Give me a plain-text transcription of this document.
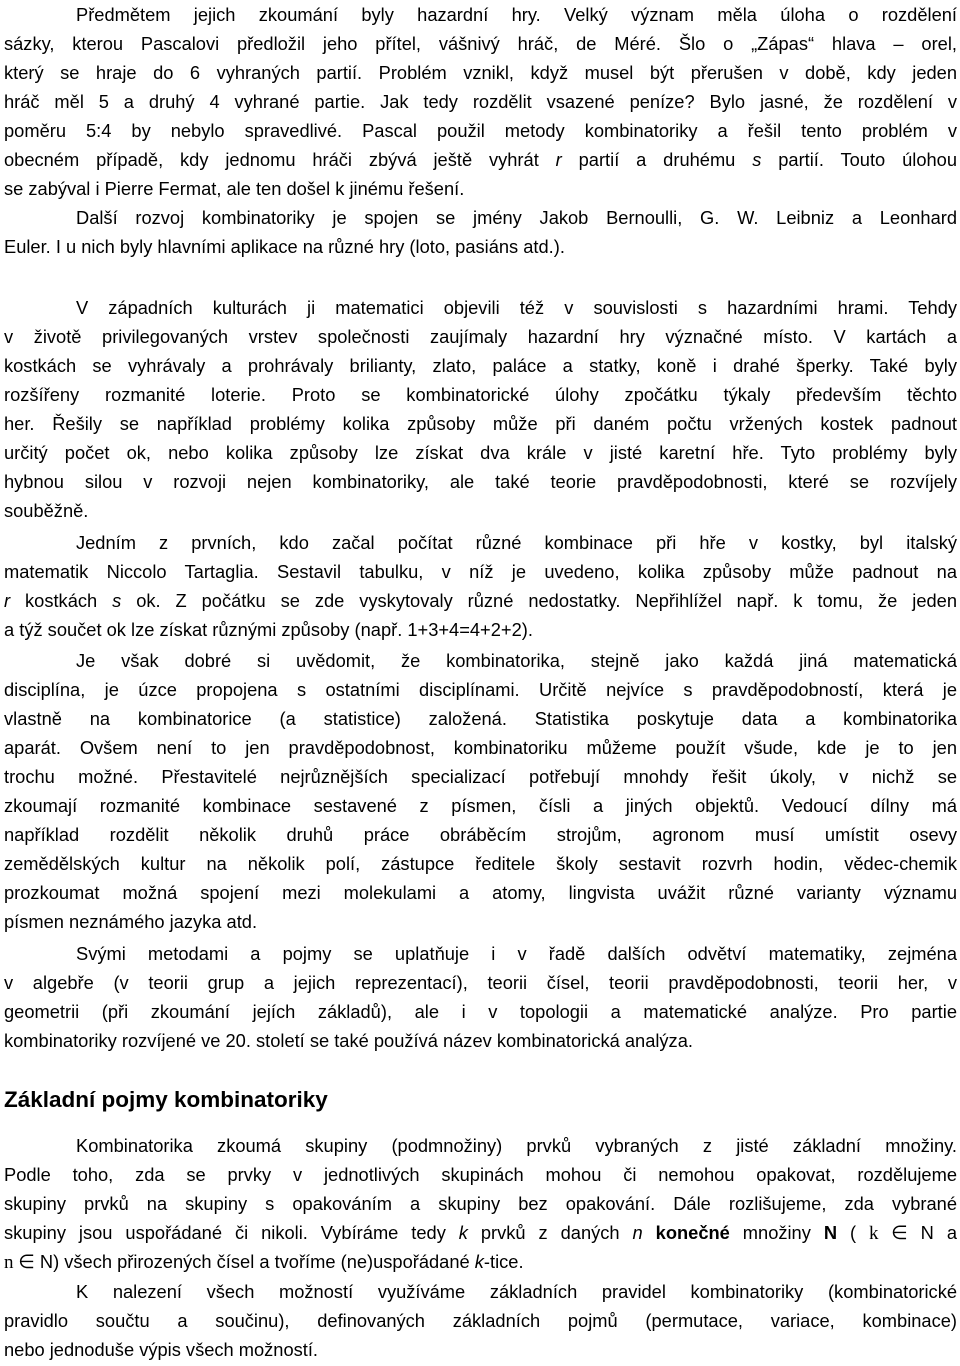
Předmětem jejich zkoumání byly hazardní hry. Velký význam měla úloha o rozdělení
sázky, kterou Pascalovi předložil jeho přítel, vášnivý hráč, de Méré. Šlo o „Zápas“ hlava – orel,
který se hraje do 6 vyhraných partií. Problém vznikl, když musel být přerušen v době, kdy jeden
hráč měl 5 a druhý 4 vyhrané partie. Jak tedy rozdělit vsazené peníze? Bylo jasné, že rozdělení v
poměru 5:4 by nebylo spravedlivé. Pascal použil metody kombinatoriky a řešil tento problém v
obecném případě, kdy jednomu hráči zbývá ještě vyhrát r partií a druhému s partií. Touto úlohou
se zabýval i Pierre Fermat, ale ten došel k jinému řešení.
Další rozvoj kombinatoriky je spojen se jmény Jakob Bernoulli, G. W. Leibniz a Leonhard
Euler. I u nich byly hlavními aplikace na různé hry (loto, pasiáns atd.).
V západních kulturách ji matematici objevili též v souvislosti s hazardními hrami. Tehdy
v životě privilegovaných vrstev společnosti zaujímaly hazardní hry význačné místo. V kartách a
kostkách se vyhrávaly a prohrávaly brilianty, zlato, paláce a statky, koně i drahé šperky. Také byly
rozšířeny rozmanité loterie. Proto se kombinatorické úlohy zpočátku týkaly především těchto
her. Řešily se například problémy kolika způsoby může při daném počtu vržených kostek padnout
určitý počet ok, nebo kolika způsoby lze získat dva krále v jisté karetní hře. Tyto problémy byly
hybnou silou v rozvoji nejen kombinatoriky, ale také teorie pravděpodobnosti, které se rozvíjely
souběžně.
Jedním z prvních, kdo začal počítat různé kombinace při hře v kostky, byl italský
matematik Niccolo Tartaglia. Sestavil tabulku, v níž je uvedeno, kolika způsoby může padnout na
r kostkách s ok. Z počátku se zde vyskytovaly různé nedostatky. Nepřihlížel např. k tomu, že jeden
a týž součet ok lze získat různými způsoby (např. 1+3+4=4+2+2).
Je však dobré si uvědomit, že kombinatorika, stejně jako každá jiná matematická
disciplína, je úzce propojena s ostatními disciplínami. Určitě nejvíce s pravděpodobností, která je
vlastně na kombinatorice (a statistice) založená. Statistika poskytuje data a kombinatorika
aparát. Ovšem není to jen pravděpodobnost, kombinatoriku můžeme použít všude, kde je to jen
trochu možné. Přestavitelé nejrůznějších specializací potřebují mnohdy řešit úkoly, v nichž se
zkoumají rozmanité kombinace sestavené z písmen, čísli a jiných objektů. Vedoucí dílny má
například rozdělit několik druhů práce obráběcím strojům, agronom musí umístit osevy
zemědělských kultur na několik polí, zástupce ředitele školy sestavit rozvrh hodin, vědec-chemik
prozkoumat možná spojení mezi molekulami a atomy, lingvista uvážit různé varianty významu
písmen neznámého jazyka atd.
Svými metodami a pojmy se uplatňuje i v řadě dalších odvětví matematiky, zejména
v algebře (v teorii grup a jejich reprezentací), teorii čísel, teorii pravděpodobnosti, teorii her, v
geometrii (při zkoumání jejích základů), ale i v topologii a matematické analýze. Pro partie
kombinatoriky rozvíjené ve 20. století se také používá název kombinatorická analýza.
Základní pojmy kombinatoriky
Kombinatorika zkoumá skupiny (podmnožiny) prvků vybraných z jisté základní množiny.
Podle toho, zda se prvky v jednotlivých skupinách mohou či nemohou opakovat, rozdělujeme
skupiny prvků na skupiny s opakováním a skupiny bez opakování. Dále rozlišujeme, zda vybrané
skupiny jsou uspořádané či nikoli. Vybíráme tedy k prvků z daných n konečné množiny N ( k ∈ N a
n ∈ N) všech přirozených čísel a tvoříme (ne)uspořádané k-tice.
K nalezení všech možností využíváme základních pravidel kombinatoriky (kombinatorické
pravidlo součtu a součinu), definovaných základních pojmů (permutace, variace, kombinace)
nebo jednoduše výpis všech možností.
